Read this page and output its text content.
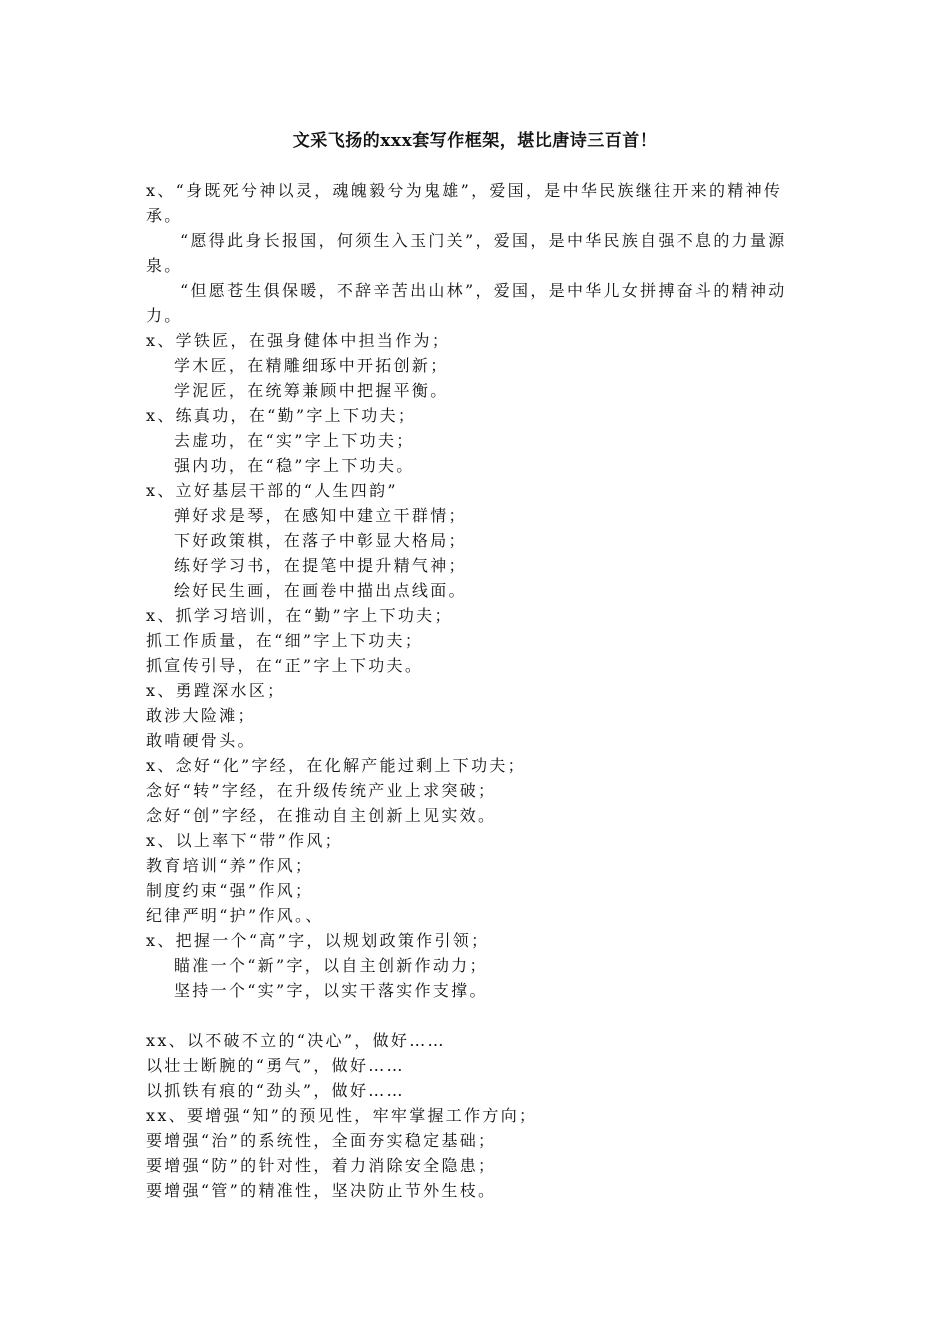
文采飞扬的xxx套写作框架，堪比唐诗三百首！
x、“身既死兮神以灵，魂魄毅兮为鬼雄”，爱国，是中华民族继往开来的精神传承。
“愿得此身长报国，何须生入玉门关”，爱国，是中华民族自强不息的力量源泉。
“但愿苍生俱保暖，不辞辛苦出山林”，爱国，是中华儿女拼搏奋斗的精神动力。
x、学铁匠，在强身健体中担当作为；
学木匠，在精雕细琢中开拓创新；
学泥匠，在统筹兼顾中把握平衡。
x、练真功，在“勤”字上下功夫；
去虚功，在“实”字上下功夫；
强内功，在“稳”字上下功夫。
x、立好基层干部的“人生四韵”
弹好求是琴，在感知中建立干群情；
下好政策棋，在落子中彰显大格局；
练好学习书，在提笔中提升精气神；
绘好民生画，在画卷中描出点线面。
x、抓学习培训，在“勤”字上下功夫；
抓工作质量，在“细”字上下功夫；
抓宣传引导，在“正”字上下功夫。
x、勇蹚深水区；
敢涉大险滩；
敢啃硬骨头。
x、念好“化”字经，在化解产能过剩上下功夫；
念好“转”字经，在升级传统产业上求突破；
念好“创”字经，在推动自主创新上见实效。
x、以上率下“带”作风；
教育培训“养”作风；
制度约束“强”作风；
纪律严明“护”作风。、
x、把握一个“高”字，以规划政策作引领；
瞄准一个“新”字，以自主创新作动力；
坚持一个“实”字，以实干落实作支撑。
xx、以不破不立的“决心”，做好……
以壮士断腕的“勇气”，做好……
以抓铁有痕的“劲头”，做好……
xx、要增强“知”的预见性，牢牢掌握工作方向；
要增强“治”的系统性，全面夯实稳定基础；
要增强“防”的针对性，着力消除安全隐患；
要增强“管”的精准性，坚决防止节外生枝。
